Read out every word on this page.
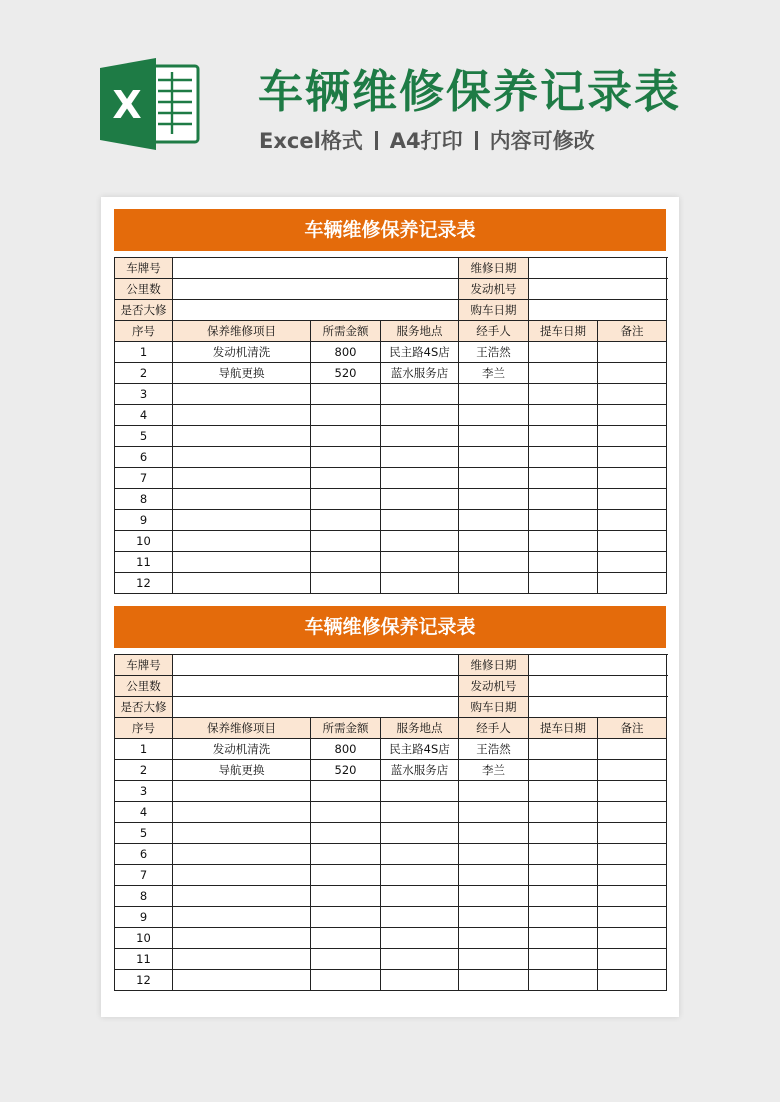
X	车辆维修保养记录表
Excel格式 A4打印 内容可修改
车辆维修保养记录表
车牌号				维修日期		
公里数				发动机号		
是否大修				购车日期		
序号	保养维修项目	所需金额	服务地点	经手人	提车日期	备注
1	发动机清洗	800	民主路4S店	王浩然		
2	导航更换	520	蓝水服务店	李兰		
3						
4						
5						
6						
7						
8						
9						
10						
11						
12						
车辆维修保养记录表
车牌号				维修日期		
公里数				发动机号		
是否大修				购车日期		
序号	保养维修项目	所需金额	服务地点	经手人	提车日期	备注
1	发动机清洗	800	民主路4S店	王浩然		
2	导航更换	520	蓝水服务店	李兰		
3						
4						
5						
6						
7						
8						
9						
10						
11						
12						
